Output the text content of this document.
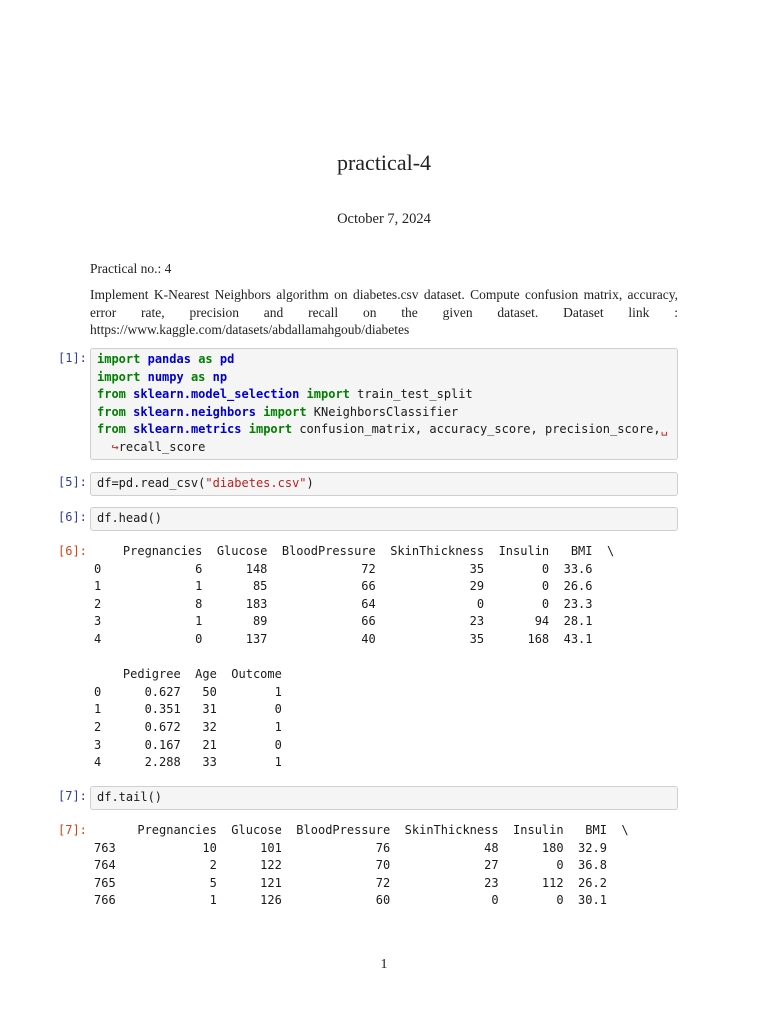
practical-4
October 7, 2024
Practical no.: 4
Implement K-Nearest Neighbors algorithm on diabetes.csv dataset. Compute confusion matrix, accuracy, error rate, precision and recall on the given dataset. Dataset link : https://www.kaggle.com/datasets/abdallamahgoub/diabetes
[1]: import pandas as pd
import numpy as np
from sklearn.model_selection import train_test_split
from sklearn.neighbors import KNeighborsClassifier
from sklearn.metrics import confusion_matrix, accuracy_score, precision_score,␣
↪recall_score
[5]: df=pd.read_csv("diabetes.csv")
[6]: df.head()
[6]:	Pregnancies  Glucose  BloodPressure  SkinThickness  Insulin   BMI  \
0             6      148             72             35        0  33.6
1             1       85             66             29        0  26.6
2             8      183             64              0        0  23.3
3             1       89             66             23       94  28.1
4             0      137             40             35      168  43.1

Pedigree  Age  Outcome
0      0.627   50        1
1      0.351   31        0
2      0.672   32        1
3      0.167   21        0
4      2.288   33        1
[7]: df.tail()
[7]:	Pregnancies  Glucose  BloodPressure  SkinThickness  Insulin   BMI  \
763            10      101             76             48      180  32.9
764             2      122             70             27        0  36.8
765             5      121             72             23      112  26.2
766             1      126             60              0        0  30.1
1
